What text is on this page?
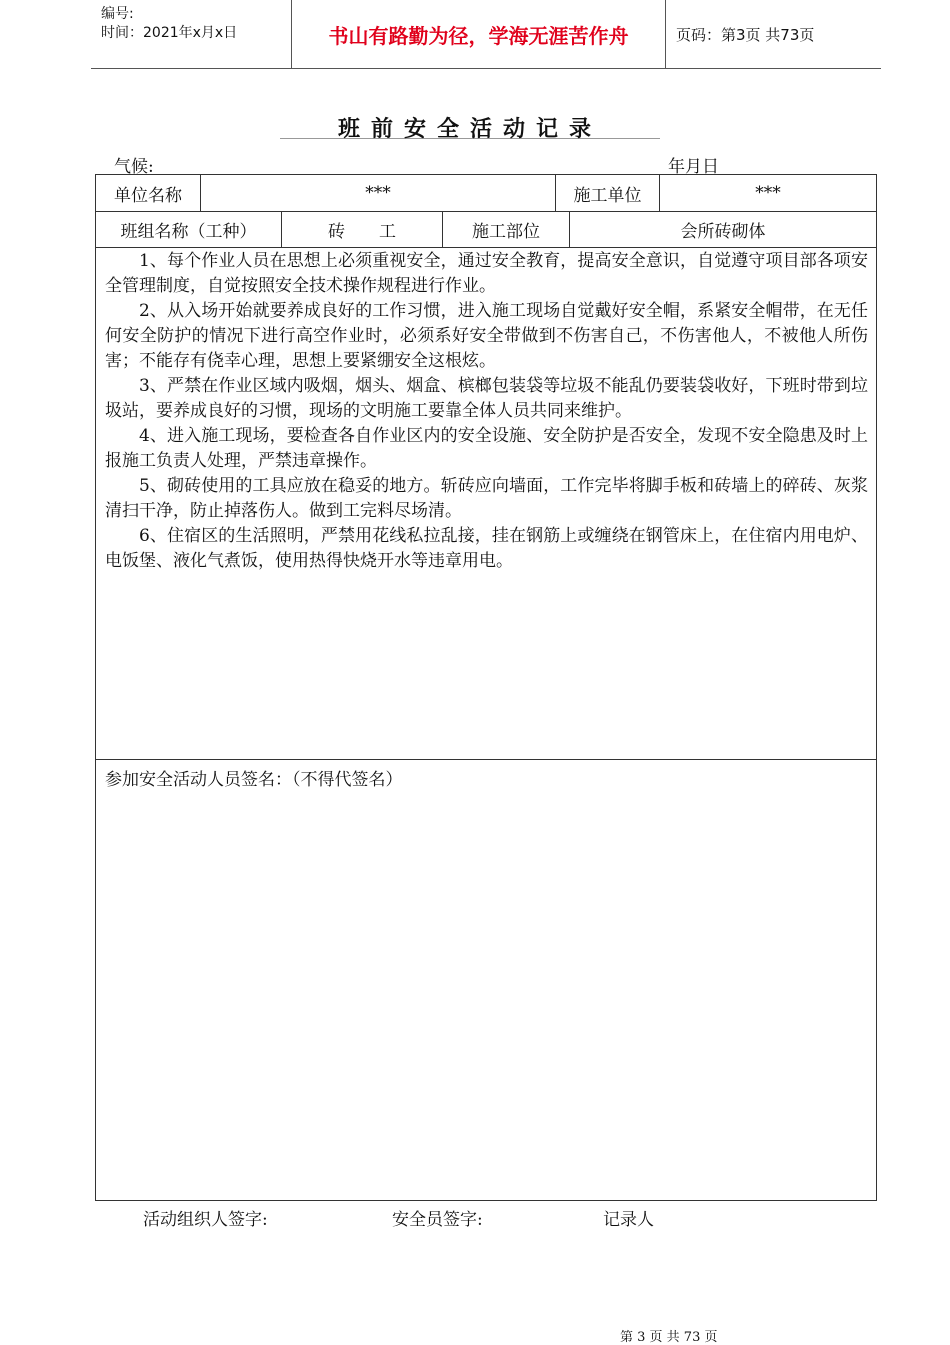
编号:
时间：2021年x月x日	书山有路勤为径，学海无涯苦作舟	页码：第3页 共73页
班前安全活动记录
气候:	年月日
单位名称	***	施工单位	***
班组名称（工种）	砖　　工	施工部位	会所砖砌体

1、每个作业人员在思想上必须重视安全，通过安全教育，提高安全意识，自觉遵守项目部各项安全管理制度，自觉按照安全技术操作规程进行作业。

2、从入场开始就要养成良好的工作习惯，进入施工现场自觉戴好安全帽，系紧安全帽带，在无任何安全防护的情况下进行高空作业时，必须系好安全带做到不伤害自己，不伤害他人，不被他人所伤害；不能存有侥幸心理，思想上要紧绷安全这根炫。

3、严禁在作业区域内吸烟，烟头、烟盒、槟榔包装袋等垃圾不能乱仍要装袋收好，下班时带到垃圾站，要养成良好的习惯，现场的文明施工要靠全体人员共同来维护。

4、进入施工现场，要检查各自作业区内的安全设施、安全防护是否安全，发现不安全隐患及时上报施工负责人处理，严禁违章操作。

5、砌砖使用的工具应放在稳妥的地方。斩砖应向墙面，工作完毕将脚手板和砖墙上的碎砖、灰浆清扫干净，防止掉落伤人。做到工完料尽场清。

6、住宿区的生活照明，严禁用花线私拉乱接，挂在钢筋上或缠绕在钢管床上，在住宿内用电炉、电饭堡、液化气煮饭，使用热得快烧开水等违章用电。

参加安全活动人员签名：（不得代签名）
活动组织人签字:	安全员签字:	记录人
第 3 页 共 73 页
